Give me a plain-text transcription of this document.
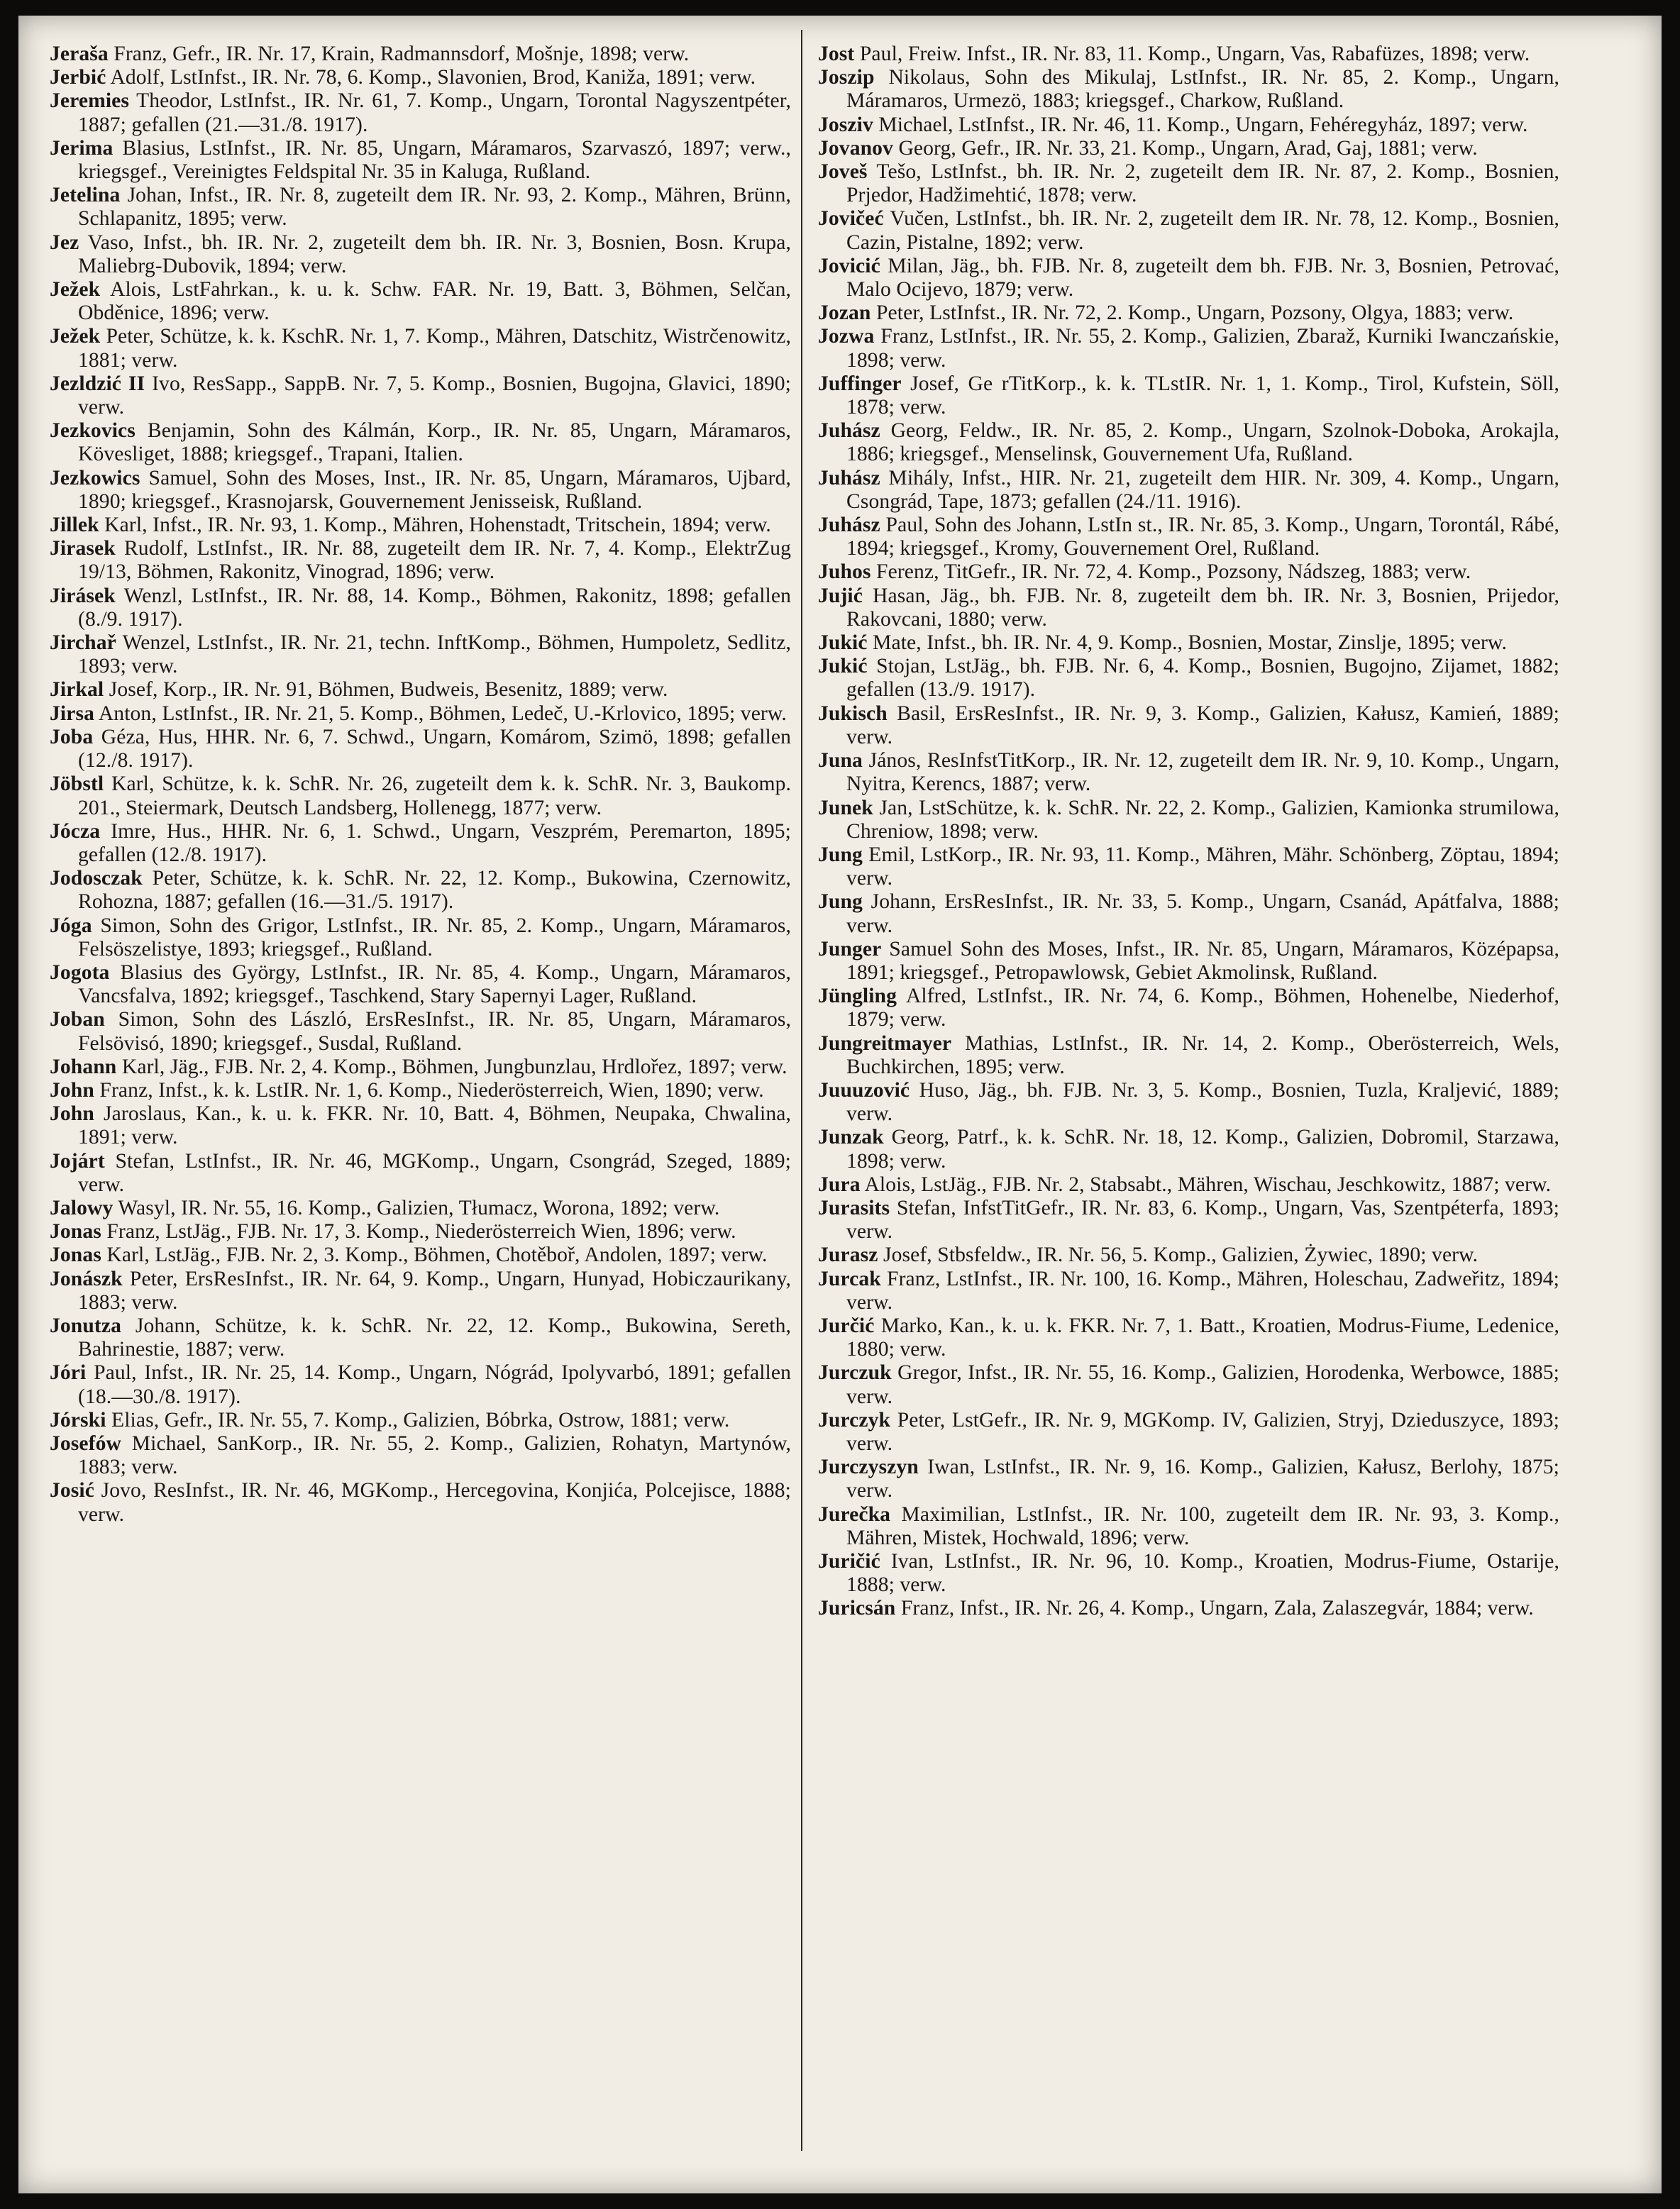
Jeraša Franz, Gefr., IR. Nr. 17, Krain, Radmannsdorf, Mošnje, 1898; verw.

Jerbić Adolf, LstInfst., IR. Nr. 78, 6. Komp., Slavonien, Brod, Kaniža, 1891; verw.

Jeremies Theodor, LstInfst., IR. Nr. 61, 7. Komp., Ungarn, Torontal Nagyszentpéter, 1887; gefallen (21.—31./8. 1917).

Jerima Blasius, LstInfst., IR. Nr. 85, Ungarn, Máramaros, Szarvaszó, 1897; verw., kriegsgef., Vereinigtes Feldspital Nr. 35 in Kaluga, Rußland.

Jetelina Johan, Infst., IR. Nr. 8, zugeteilt dem IR. Nr. 93, 2. Komp., Mähren, Brünn, Schlapanitz, 1895; verw.

Jez Vaso, Infst., bh. IR. Nr. 2, zugeteilt dem bh. IR. Nr. 3, Bosnien, Bosn. Krupa, Maliebrg-Dubovik, 1894; verw.

Ježek Alois, LstFahrkan., k. u. k. Schw. FAR. Nr. 19, Batt. 3, Böhmen, Selčan, Obděnice, 1896; verw.

Ježek Peter, Schütze, k. k. KschR. Nr. 1, 7. Komp., Mähren, Datschitz, Wistrčenowitz, 1881; verw.

Jezldzić II Ivo, ResSapp., SappB. Nr. 7, 5. Komp., Bosnien, Bugojna, Glavici, 1890; verw.

Jezkovics Benjamin, Sohn des Kálmán, Korp., IR. Nr. 85, Ungarn, Máramaros, Kövesliget, 1888; kriegsgef., Trapani, Italien.

Jezkowics Samuel, Sohn des Moses, Inst., IR. Nr. 85, Ungarn, Máramaros, Ujbard, 1890; kriegsgef., Krasnojarsk, Gouvernement Jenisseisk, Rußland.

Jillek Karl, Infst., IR. Nr. 93, 1. Komp., Mähren, Hohenstadt, Tritschein, 1894; verw.

Jirasek Rudolf, LstInfst., IR. Nr. 88, zugeteilt dem IR. Nr. 7, 4. Komp., ElektrZug 19/13, Böhmen, Rakonitz, Vinograd, 1896; verw.

Jirásek Wenzl, LstInfst., IR. Nr. 88, 14. Komp., Böhmen, Rakonitz, 1898; gefallen (8./9. 1917).

Jirchař Wenzel, LstInfst., IR. Nr. 21, techn. InftKomp., Böhmen, Humpoletz, Sedlitz, 1893; verw.

Jirkal Josef, Korp., IR. Nr. 91, Böhmen, Budweis, Besenitz, 1889; verw.

Jirsa Anton, LstInfst., IR. Nr. 21, 5. Komp., Böhmen, Ledeč, U.-Krlovico, 1895; verw.

Joba Géza, Hus, HHR. Nr. 6, 7. Schwd., Ungarn, Komárom, Szimö, 1898; gefallen (12./8. 1917).

Jöbstl Karl, Schütze, k. k. SchR. Nr. 26, zugeteilt dem k. k. SchR. Nr. 3, Baukomp. 201., Steiermark, Deutsch Landsberg, Hollenegg, 1877; verw.

Jócza Imre, Hus., HHR. Nr. 6, 1. Schwd., Ungarn, Veszprém, Peremarton, 1895; gefallen (12./8. 1917).

Jodosczak Peter, Schütze, k. k. SchR. Nr. 22, 12. Komp., Bukowina, Czernowitz, Rohozna, 1887; gefallen (16.—31./5. 1917).

Jóga Simon, Sohn des Grigor, LstInfst., IR. Nr. 85, 2. Komp., Ungarn, Máramaros, Felsöszelistye, 1893; kriegsgef., Rußland.

Jogota Blasius des György, LstInfst., IR. Nr. 85, 4. Komp., Ungarn, Máramaros, Vancsfalva, 1892; kriegsgef., Taschkend, Stary Sapernyi Lager, Rußland.

Joban Simon, Sohn des László, ErsResInfst., IR. Nr. 85, Ungarn, Máramaros, Felsövisó, 1890; kriegsgef., Susdal, Rußland.

Johann Karl, Jäg., FJB. Nr. 2, 4. Komp., Böhmen, Jungbunzlau, Hrdlořez, 1897; verw.

John Franz, Infst., k. k. LstIR. Nr. 1, 6. Komp., Niederösterreich, Wien, 1890; verw.

John Jaroslaus, Kan., k. u. k. FKR. Nr. 10, Batt. 4, Böhmen, Neupaka, Chwalina, 1891; verw.

Jojárt Stefan, LstInfst., IR. Nr. 46, MGKomp., Ungarn, Csongrád, Szeged, 1889; verw.

Jalowy Wasyl, IR. Nr. 55, 16. Komp., Galizien, Tłumacz, Worona, 1892; verw.

Jonas Franz, LstJäg., FJB. Nr. 17, 3. Komp., Niederösterreich Wien, 1896; verw.

Jonas Karl, LstJäg., FJB. Nr. 2, 3. Komp., Böhmen, Chotěboř, Andolen, 1897; verw.

Jonászk Peter, ErsResInfst., IR. Nr. 64, 9. Komp., Ungarn, Hunyad, Hobiczaurikany, 1883; verw.

Jonutza Johann, Schütze, k. k. SchR. Nr. 22, 12. Komp., Bukowina, Sereth, Bahrinestie, 1887; verw.

Jóri Paul, Infst., IR. Nr. 25, 14. Komp., Ungarn, Nógrád, Ipolyvarbó, 1891; gefallen (18.—30./8. 1917).

Jórski Elias, Gefr., IR. Nr. 55, 7. Komp., Galizien, Bóbrka, Ostrow, 1881; verw.

Josefów Michael, SanKorp., IR. Nr. 55, 2. Komp., Galizien, Rohatyn, Martynów, 1883; verw.

Josić Jovo, ResInfst., IR. Nr. 46, MGKomp., Hercegovina, Konjića, Polcejisce, 1888; verw.

Jost Paul, Freiw. Infst., IR. Nr. 83, 11. Komp., Ungarn, Vas, Rabafüzes, 1898; verw.

Joszip Nikolaus, Sohn des Mikulaj, LstInfst., IR. Nr. 85, 2. Komp., Ungarn, Máramaros, Urmezö, 1883; kriegsgef., Charkow, Rußland.

Josziv Michael, LstInfst., IR. Nr. 46, 11. Komp., Ungarn, Fehéregyház, 1897; verw.

Jovanov Georg, Gefr., IR. Nr. 33, 21. Komp., Ungarn, Arad, Gaj, 1881; verw.

Joveš Tešo, LstInfst., bh. IR. Nr. 2, zugeteilt dem IR. Nr. 87, 2. Komp., Bosnien, Prjedor, Hadžimehtić, 1878; verw.

Jovičeć Vučen, LstInfst., bh. IR. Nr. 2, zugeteilt dem IR. Nr. 78, 12. Komp., Bosnien, Cazin, Pistalne, 1892; verw.

Jovicić Milan, Jäg., bh. FJB. Nr. 8, zugeteilt dem bh. FJB. Nr. 3, Bosnien, Petrovać, Malo Ocijevo, 1879; verw.

Jozan Peter, LstInfst., IR. Nr. 72, 2. Komp., Ungarn, Pozsony, Olgya, 1883; verw.

Jozwa Franz, LstInfst., IR. Nr. 55, 2. Komp., Galizien, Zbaraž, Kurniki Iwanczańskie, 1898; verw.

Juffinger Josef, Ge rTitKorp., k. k. TLstIR. Nr. 1, 1. Komp., Tirol, Kufstein, Söll, 1878; verw.

Juhász Georg, Feldw., IR. Nr. 85, 2. Komp., Ungarn, Szolnok-Doboka, Arokajla, 1886; kriegsgef., Menselinsk, Gouvernement Ufa, Rußland.

Juhász Mihály, Infst., HIR. Nr. 21, zugeteilt dem HIR. Nr. 309, 4. Komp., Ungarn, Csongrád, Tape, 1873; gefallen (24./11. 1916).

Juhász Paul, Sohn des Johann, LstIn st., IR. Nr. 85, 3. Komp., Ungarn, Torontál, Rábé, 1894; kriegsgef., Kromy, Gouvernement Orel, Rußland.

Juhos Ferenz, TitGefr., IR. Nr. 72, 4. Komp., Pozsony, Nádszeg, 1883; verw.

Jujić Hasan, Jäg., bh. FJB. Nr. 8, zugeteilt dem bh. IR. Nr. 3, Bosnien, Prijedor, Rakovcani, 1880; verw.

Jukić Mate, Infst., bh. IR. Nr. 4, 9. Komp., Bosnien, Mostar, Zinslje, 1895; verw.

Jukić Stojan, LstJäg., bh. FJB. Nr. 6, 4. Komp., Bosnien, Bugojno, Zijamet, 1882; gefallen (13./9. 1917).

Jukisch Basil, ErsResInfst., IR. Nr. 9, 3. Komp., Galizien, Kałusz, Kamień, 1889; verw.

Juna János, ResInfstTitKorp., IR. Nr. 12, zugeteilt dem IR. Nr. 9, 10. Komp., Ungarn, Nyitra, Kerencs, 1887; verw.

Junek Jan, LstSchütze, k. k. SchR. Nr. 22, 2. Komp., Galizien, Kamionka strumilowa, Chreniow, 1898; verw.

Jung Emil, LstKorp., IR. Nr. 93, 11. Komp., Mähren, Mähr. Schönberg, Zöptau, 1894; verw.

Jung Johann, ErsResInfst., IR. Nr. 33, 5. Komp., Ungarn, Csanád, Apátfalva, 1888; verw.

Junger Samuel Sohn des Moses, Infst., IR. Nr. 85, Ungarn, Máramaros, Középapsa, 1891; kriegsgef., Petropawlowsk, Gebiet Akmolinsk, Rußland.

Jüngling Alfred, LstInfst., IR. Nr. 74, 6. Komp., Böhmen, Hohenelbe, Niederhof, 1879; verw.

Jungreitmayer Mathias, LstInfst., IR. Nr. 14, 2. Komp., Oberösterreich, Wels, Buchkirchen, 1895; verw.

Juuuzović Huso, Jäg., bh. FJB. Nr. 3, 5. Komp., Bosnien, Tuzla, Kraljević, 1889; verw.

Junzak Georg, Patrf., k. k. SchR. Nr. 18, 12. Komp., Galizien, Dobromil, Starzawa, 1898; verw.

Jura Alois, LstJäg., FJB. Nr. 2, Stabsabt., Mähren, Wischau, Jeschkowitz, 1887; verw.

Jurasits Stefan, InfstTitGefr., IR. Nr. 83, 6. Komp., Ungarn, Vas, Szentpéterfa, 1893; verw.

Jurasz Josef, Stbsfeldw., IR. Nr. 56, 5. Komp., Galizien, Żywiec, 1890; verw.

Jurcak Franz, LstInfst., IR. Nr. 100, 16. Komp., Mähren, Holeschau, Zadweřitz, 1894; verw.

Jurčić Marko, Kan., k. u. k. FKR. Nr. 7, 1. Batt., Kroatien, Modrus-Fiume, Ledenice, 1880; verw.

Jurczuk Gregor, Infst., IR. Nr. 55, 16. Komp., Galizien, Horodenka, Werbowce, 1885; verw.

Jurczyk Peter, LstGefr., IR. Nr. 9, MGKomp. IV, Galizien, Stryj, Dzieduszyce, 1893; verw.

Jurczyszyn Iwan, LstInfst., IR. Nr. 9, 16. Komp., Galizien, Kałusz, Berlohy, 1875; verw.

Jurečka Maximilian, LstInfst., IR. Nr. 100, zugeteilt dem IR. Nr. 93, 3. Komp., Mähren, Mistek, Hochwald, 1896; verw.

Juričić Ivan, LstInfst., IR. Nr. 96, 10. Komp., Kroatien, Modrus-Fiume, Ostarije, 1888; verw.

Juricsán Franz, Infst., IR. Nr. 26, 4. Komp., Ungarn, Zala, Zalaszegvár, 1884; verw.
